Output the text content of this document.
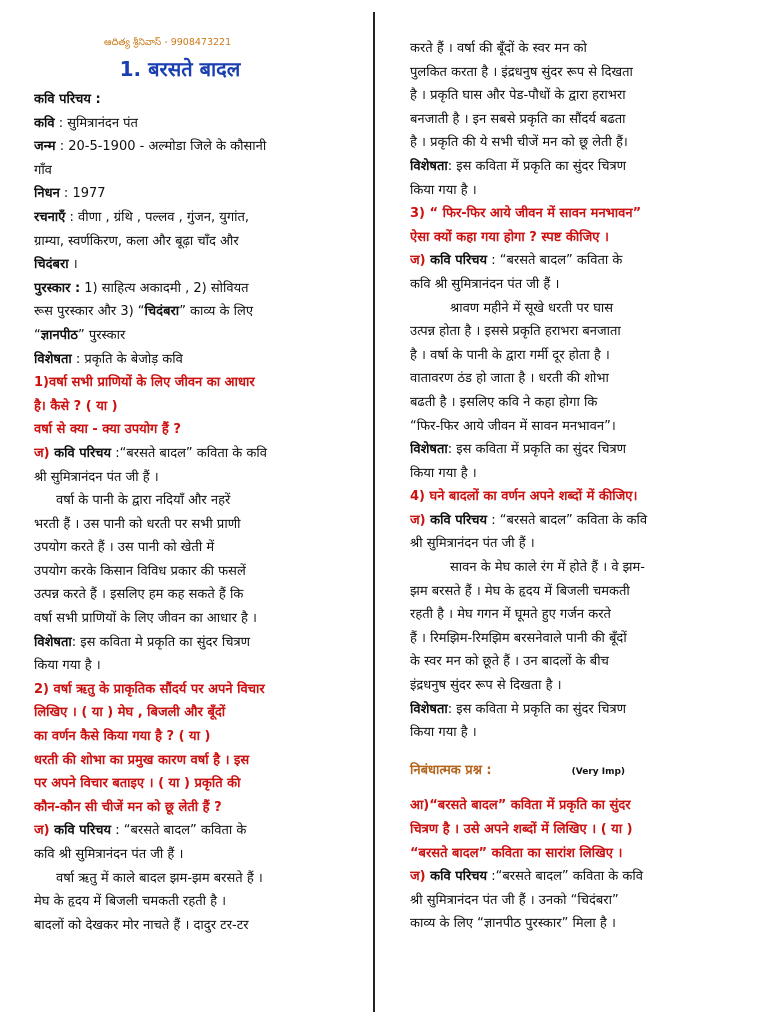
ఆదిత్య శ్రీనివాస్ - 9908473221
1. बरसते बादल
कवि परिचय :
कवि : सुमित्रानंदन पंत
जन्म : 20-5-1900 - अल्मोडा जिले के कौसानी
गाँव
निधन : 1977
रचनाएँ : वीणा , ग्रंथि , पल्लव , गुंजन, युगांत,
ग्राम्या, स्वर्णकिरण, कला और बूढ़ा चाँद और
चिदंबरा ।
पुरस्कार : 1) साहित्य अकादमी , 2) सोवियत
रूस पुरस्कार और 3) “चिदंबरा” काव्य के लिए
“ज्ञानपीठ” पुरस्कार
विशेषता : प्रकृति के बेजोड़ कवि
1)वर्षा सभी प्राणियों के लिए जीवन का आधार
है। कैसे ? ( या )
वर्षा से क्या - क्या उपयोग हैं ?
ज) कवि परिचय :“बरसते बादल” कविता के कवि
श्री सुमित्रानंदन पंत जी हैं ।
वर्षा के पानी के द्वारा नदियाँ और नहरें
भरती हैं । उस पानी को धरती पर सभी प्राणी
उपयोग करते हैं । उस पानी को खेती में
उपयोग करके किसान विविध प्रकार की फसलें
उत्पन्न करते हैं । इसलिए हम कह सकते हैं कि
वर्षा सभी प्राणियों के लिए जीवन का आधार है ।
विशेषता: इस कविता मे प्रकृति का सुंदर चित्रण
किया गया है ।
2) वर्षा ऋतु के प्राकृतिक सौंदर्य पर अपने विचार
लिखिए । ( या ) मेघ , बिजली और बूँदों
का वर्णन कैसे किया गया है ? ( या )
धरती की शोभा का प्रमुख कारण वर्षा है । इस
पर अपने विचार बताइए । ( या ) प्रकृति की
कौन-कौन सी चीजें मन को छू लेती हैं ?
ज) कवि परिचय : “बरसते बादल” कविता के
कवि श्री सुमित्रानंदन पंत जी हैं ।
वर्षा ऋतु में काले बादल झम-झम बरसते हैं ।
मेघ के हृदय में बिजली चमकती रहती है ।
बादलों को देखकर मोर नाचते हैं । दादुर टर-टर
करते हैं । वर्षा की बूँदों के स्वर मन को
पुलकित करता है । इंद्रधनुष सुंदर रूप से दिखता
है । प्रकृति घास और पेड-पौधों के द्वारा हराभरा
बनजाती है । इन सबसे प्रकृति का सौंदर्य बढता
है । प्रकृति की ये सभी चीजें मन को छू लेती हैं।
विशेषता: इस कविता में प्रकृति का सुंदर चित्रण
किया गया है ।
3) “ फिर-फिर आये जीवन में सावन मनभावन”
ऐसा क्यों कहा गया होगा ? स्पष्ट कीजिए ।
ज) कवि परिचय : “बरसते बादल” कविता के
कवि श्री सुमित्रानंदन पंत जी हैं ।
श्रावण महीने में सूखे धरती पर घास
उत्पन्न होता है । इससे प्रकृति हराभरा बनजाता
है । वर्षा के पानी के द्वारा गर्मी दूर होता है ।
वातावरण ठंड हो जाता है । धरती की शोभा
बढती है । इसलिए कवि ने कहा होगा कि
“फिर-फिर आये जीवन में सावन मनभावन”।
विशेषता: इस कविता में प्रकृति का सुंदर चित्रण
किया गया है ।
4) घने बादलों का वर्णन अपने शब्दों में कीजिए।
ज) कवि परिचय : “बरसते बादल” कविता के कवि
श्री सुमित्रानंदन पंत जी हैं ।
सावन के मेघ काले रंग में होते हैं । वे झम-
झम बरसते हैं । मेघ के हृदय में बिजली चमकती
रहती है । मेघ गगन में घूमते हुए गर्जन करते
हैं । रिमझिम-रिमझिम बरसनेवाले पानी की बूँदों
के स्वर मन को छूते हैं । उन बादलों के बीच
इंद्रधनुष सुंदर रूप से दिखता है ।
विशेषता: इस कविता मे प्रकृति का सुंदर चित्रण
किया गया है ।
निबंधात्मक प्रश्न :	(Very Imp)
आ)“बरसते बादल” कविता में प्रकृति का सुंदर
चित्रण है । उसे अपने शब्दों में लिखिए । ( या )
“बरसते बादल” कविता का सारांश लिखिए ।
ज) कवि परिचय :“बरसते बादल” कविता के कवि
श्री सुमित्रानंदन पंत जी हैं । उनको “चिदंबरा”
काव्य के लिए “ज्ञानपीठ पुरस्कार” मिला है ।
